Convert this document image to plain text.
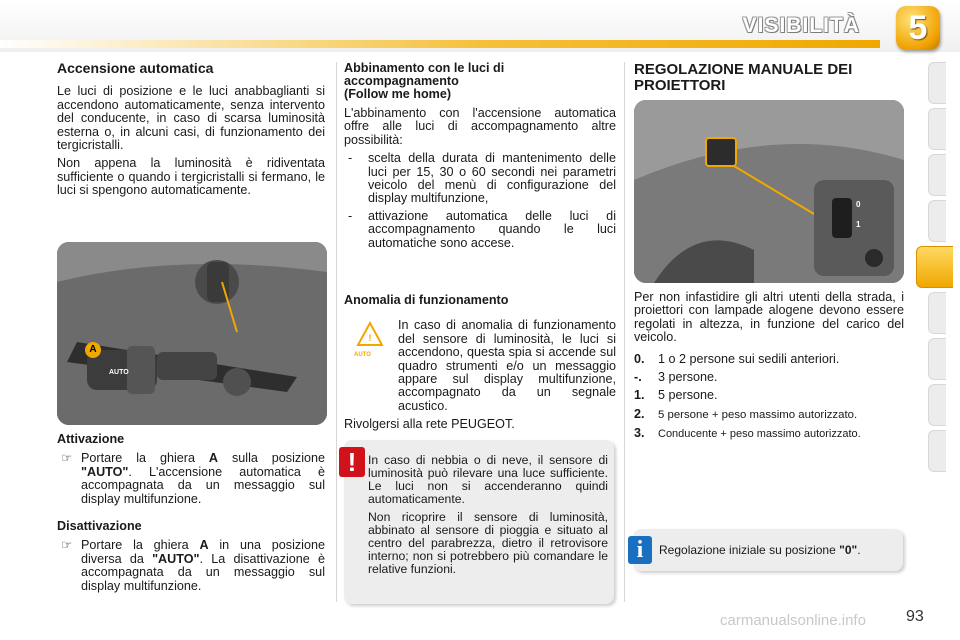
VISIBILITÀ	5
Accensione automatica

Le luci di posizione e le luci anabbaglianti si accendono automaticamente, senza intervento del conducente, in caso di scarsa luminosità esterna o, in alcuni casi, di funzionamento dei tergicristalli.

Non appena la luminosità è ridiventata sufficiente o quando i tergicristalli si fermano, le luci si spengono automaticamente.

A
AUTO
Attivazione
☞ Portare la ghiera A sulla posizione "AUTO". L'accensione automatica è accompagnata da un messaggio sul display multifunzione.
Disattivazione
☞ Portare la ghiera A in una posizione diversa da "AUTO". La disattivazione è accompagnata da un messaggio sul display multifunzione.
Abbinamento con le luci di
accompagnamento
(Follow me home)

L'abbinamento con l'accensione automatica offre alle luci di accompagnamento altre possibilità:

- scelta della durata di mantenimento delle luci per 15, 30 o 60 secondi nei parametri veicolo del menù di configurazione del display multifunzione,
- attivazione automatica delle luci di accompagnamento quando le luci automatiche sono accese.
Anomalia di funzionamento
!
AUTO

In caso di anomalia di funzionamento del sensore di luminosità, le luci si accendono, questa spia si accende sul quadro strumenti e/o un messaggio appare sul display multifunzione, accompagnato da un segnale acustico.

Rivolgersi alla rete PEUGEOT.

In caso di nebbia o di neve, il sensore di luminosità può rilevare una luce sufficiente. Le luci non si accenderanno quindi automaticamente.

Non ricoprire il sensore di luminosità, abbinato al sensore di pioggia e situato al centro del parabrezza, dietro il retrovisore interno; non si potrebbero più comandare le relative funzioni.

!
REGOLAZIONE MANUALE DEI
PROIETTORI
0
1

Per non infastidire gli altri utenti della strada, i proiettori con lampade alogene devono essere regolati in altezza, in funzione del carico del veicolo.

0. 1 o 2 persone sui sedili anteriori.
-. 3 persone.
1. 5 persone.
2. 5 persone + peso massimo autorizzato.
3. Conducente + peso massimo autorizzato.
Regolazione iniziale su posizione "0".
i
carmanualsonline.info	93
